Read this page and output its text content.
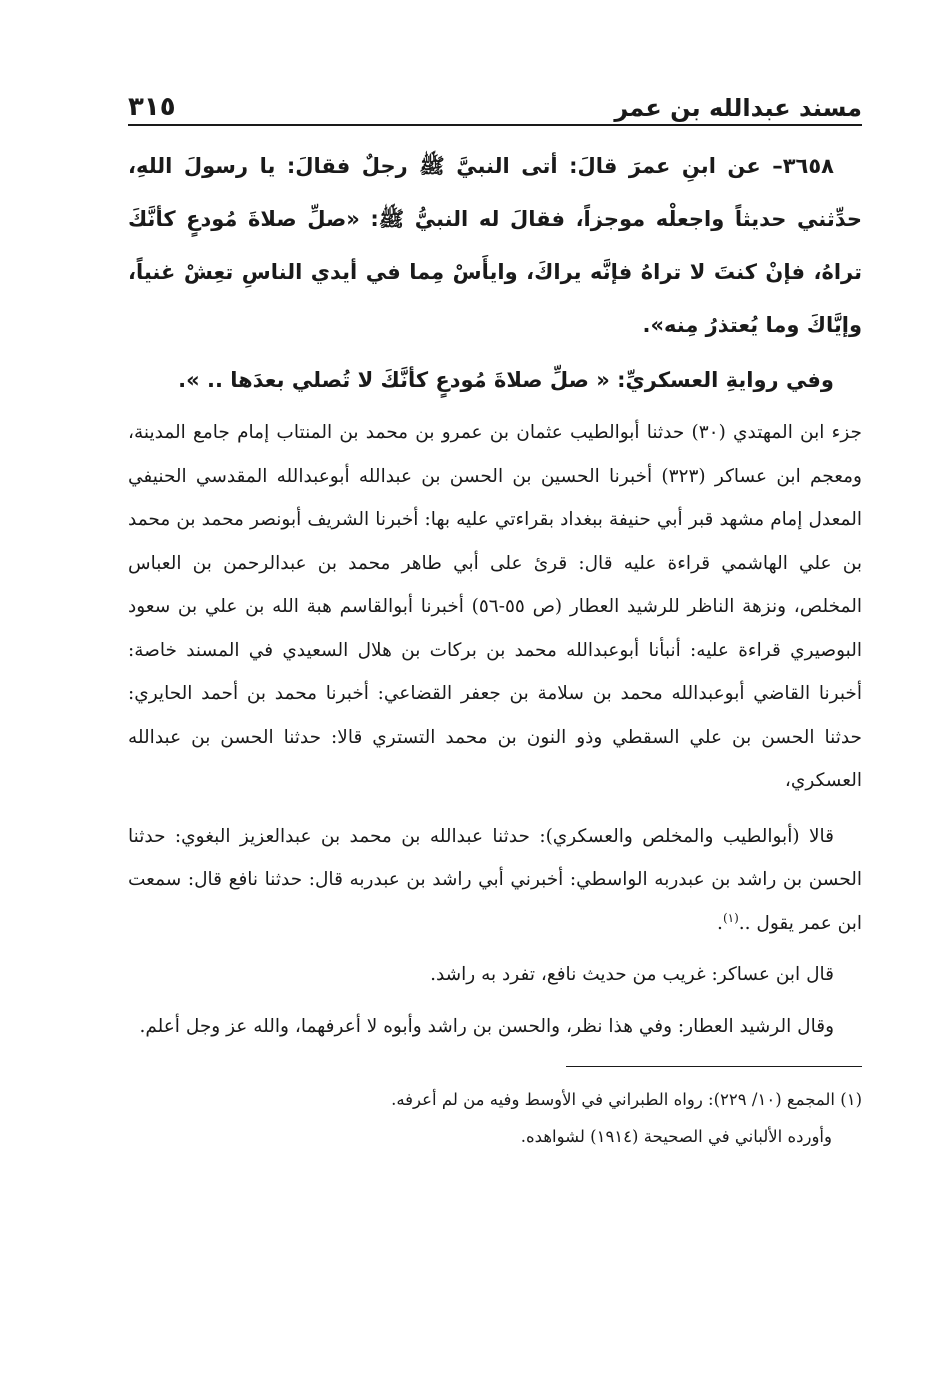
مسند عبدالله بن عمر
٣١٥

٣٦٥٨– عن ابنِ عمرَ قالَ: أتى النبيَّ ﷺ رجلٌ فقالَ: يا رسولَ اللهِ، حدِّثني حديثاً واجعلْه موجزاً، فقالَ له النبيُّ ﷺ: «صلِّ صلاةَ مُودعٍ كأنَّكَ تراهُ، فإنْ كنتَ لا تراهُ فإنَّه يراكَ، وايأَسْ مِما في أيدي الناسِ تعِشْ غنياً، وإيَّاكَ وما يُعتذرُ مِنه».

وفي روايةِ العسكريِّ: « صلِّ صلاةَ مُودعٍ كأنَّكَ لا تُصلي بعدَها .. ».

جزء ابن المهتدي (٣٠) حدثنا أبوالطيب عثمان بن عمرو بن محمد بن المنتاب إمام جامع المدينة، ومعجم ابن عساكر (٣٢٣) أخبرنا الحسين بن الحسن بن عبدالله أبوعبدالله المقدسي الحنيفي المعدل إمام مشهد قبر أبي حنيفة ببغداد بقراءتي عليه بها: أخبرنا الشريف أبونصر محمد بن محمد بن علي الهاشمي قراءة عليه قال: قرئ على أبي طاهر محمد بن عبدالرحمن بن العباس المخلص، ونزهة الناظر للرشيد العطار (ص ٥٥-٥٦) أخبرنا أبوالقاسم هبة الله بن علي بن سعود البوصيري قراءة عليه: أنبأنا أبوعبدالله محمد بن بركات بن هلال السعيدي في المسند خاصة: أخبرنا القاضي أبوعبدالله محمد بن سلامة بن جعفر القضاعي: أخبرنا محمد بن أحمد الحايري: حدثنا الحسن بن علي السقطي وذو النون بن محمد التستري قالا: حدثنا الحسن بن عبدالله العسكري،

قالا (أبوالطيب والمخلص والعسكري): حدثنا عبدالله بن محمد بن عبدالعزيز البغوي: حدثنا الحسن بن راشد بن عبدربه الواسطي: أخبرني أبي راشد بن عبدربه قال: حدثنا نافع قال: سمعت ابن عمر يقول ..$^{(١)}$.

قال ابن عساكر: غريب من حديث نافع، تفرد به راشد.

وقال الرشيد العطار: وفي هذا نظر، والحسن بن راشد وأبوه لا أعرفهما، والله عز وجل أعلم.

(١) المجمع (١٠/ ٢٢٩): رواه الطبراني في الأوسط وفيه من لم أعرفه.

وأورده الألباني في الصحيحة (١٩١٤) لشواهده.
